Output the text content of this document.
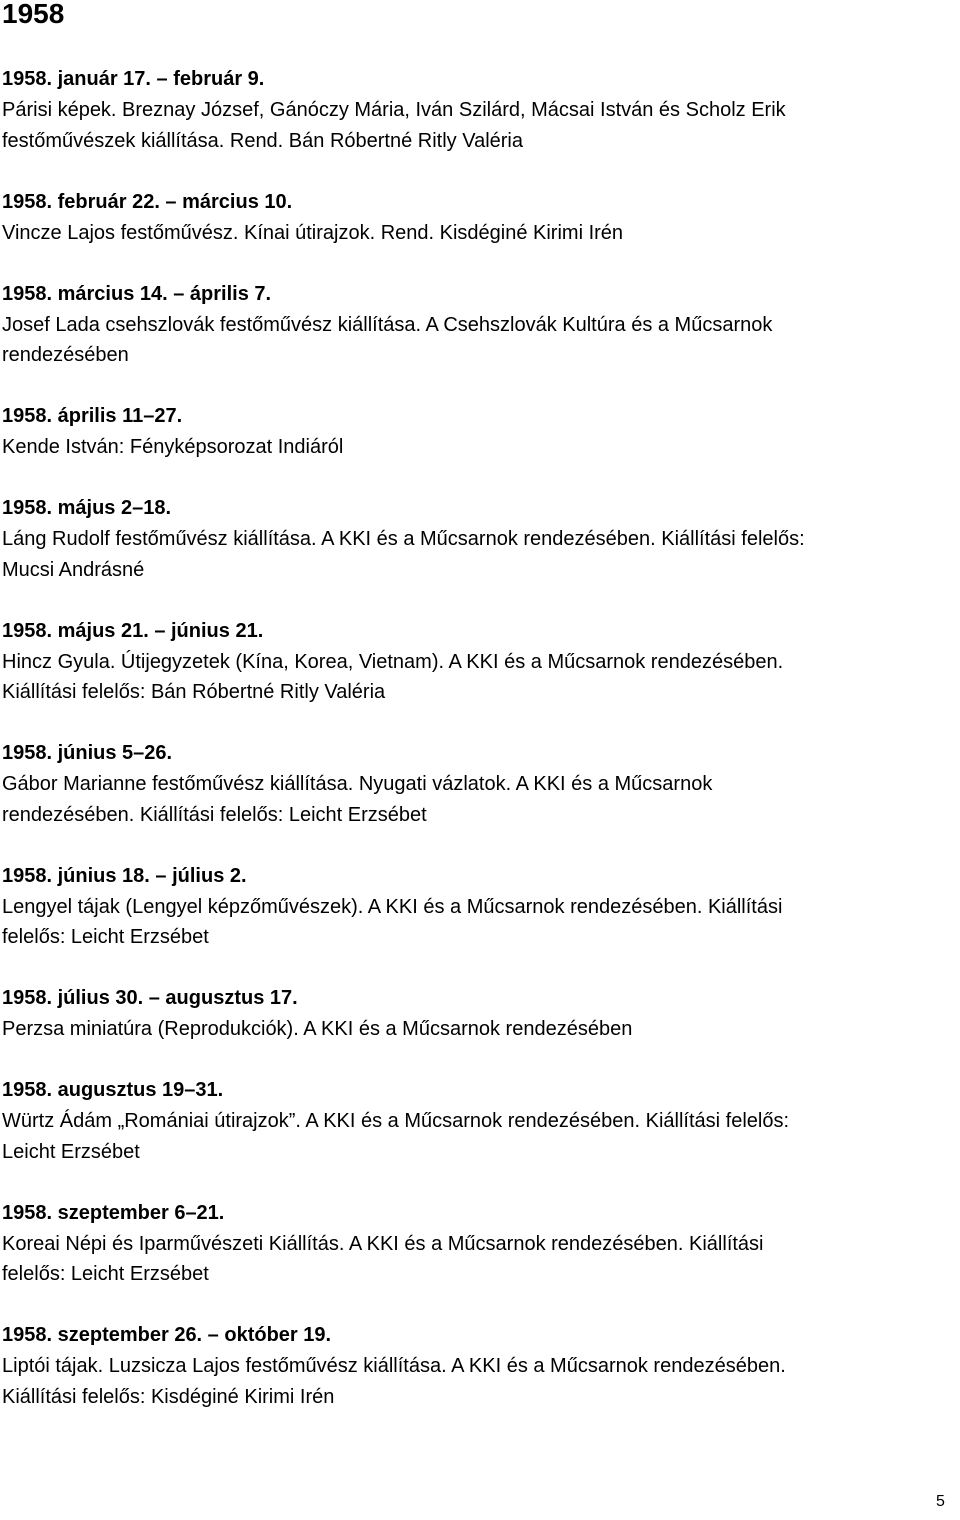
1958
1958. január 17. – február 9.
Párisi képek. Breznay József, Gánóczy Mária, Iván Szilárd, Mácsai István és Scholz Erik
festőművészek kiállítása. Rend. Bán Róbertné Ritly Valéria
1958. február 22. – március 10.
Vincze Lajos festőművész. Kínai útirajzok. Rend. Kisdéginé Kirimi Irén
1958. március 14. – április 7.
Josef Lada csehszlovák festőművész kiállítása. A Csehszlovák Kultúra és a Műcsarnok
rendezésében
1958. április 11–27.
Kende István: Fényképsorozat Indiáról
1958. május 2–18.
Láng Rudolf festőművész kiállítása. A KKI és a Műcsarnok rendezésében. Kiállítási felelős:
Mucsi Andrásné
1958. május 21. – június 21.
Hincz Gyula. Útijegyzetek (Kína, Korea, Vietnam). A KKI és a Műcsarnok rendezésében.
Kiállítási felelős: Bán Róbertné Ritly Valéria
1958. június 5–26.
Gábor Marianne festőművész kiállítása. Nyugati vázlatok. A KKI és a Műcsarnok
rendezésében. Kiállítási felelős: Leicht Erzsébet
1958. június 18. – július 2.
Lengyel tájak (Lengyel képzőművészek). A KKI és a Műcsarnok rendezésében. Kiállítási
felelős: Leicht Erzsébet
1958. július 30. – augusztus 17.
Perzsa miniatúra (Reprodukciók). A KKI és a Műcsarnok rendezésében
1958. augusztus 19–31.
Würtz Ádám „Romániai útirajzok”. A KKI és a Műcsarnok rendezésében. Kiállítási felelős:
Leicht Erzsébet
1958. szeptember 6–21.
Koreai Népi és Iparművészeti Kiállítás. A KKI és a Műcsarnok rendezésében. Kiállítási
felelős: Leicht Erzsébet
1958. szeptember 26. – október 19.
Liptói tájak. Luzsicza Lajos festőművész kiállítása. A KKI és a Műcsarnok rendezésében.
Kiállítási felelős: Kisdéginé Kirimi Irén
5
